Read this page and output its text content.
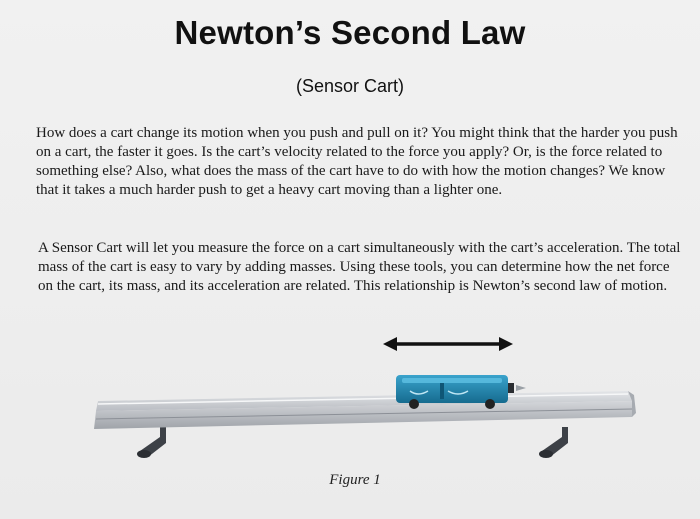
Newton’s Second Law
(Sensor Cart)

How does a cart change its motion when you push and pull on it? You might think that the harder you push on a cart, the faster it goes. Is the cart’s velocity related to the force you apply? Or, is the force related to something else? Also, what does the mass of the cart have to do with how the motion changes? We know that it takes a much harder push to get a heavy cart moving than a lighter one.

A Sensor Cart will let you measure the force on a cart simultaneously with the cart’s acceleration. The total mass of the cart is easy to vary by adding masses. Using these tools, you can determine how the net force on the cart, its mass, and its acceleration are related. This relationship is Newton’s second law of motion.

Figure 1
